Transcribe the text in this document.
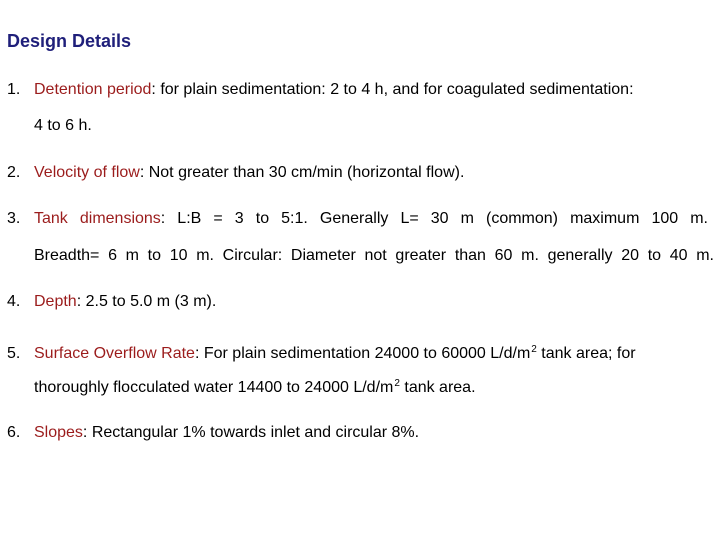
Design Details
1. Detention period: for plain sedimentation: 2 to 4 h, and for coagulated sedimentation:
4 to 6 h.
2. Velocity of flow: Not greater than 30 cm/min (horizontal flow).
3. Tank dimensions: L:B = 3 to 5:1. Generally L= 30 m (common) maximum 100 m.
Breadth= 6 m to 10 m. Circular: Diameter not greater than 60 m. generally 20 to 40 m.
4. Depth: 2.5 to 5.0 m (3 m).
5. Surface Overflow Rate: For plain sedimentation 24000 to 60000 $L/d/m^2$ tank area; for
thoroughly flocculated water 14400 to 24000 $L/d/m^2$ tank area.
6. Slopes: Rectangular 1% towards inlet and circular 8%.
